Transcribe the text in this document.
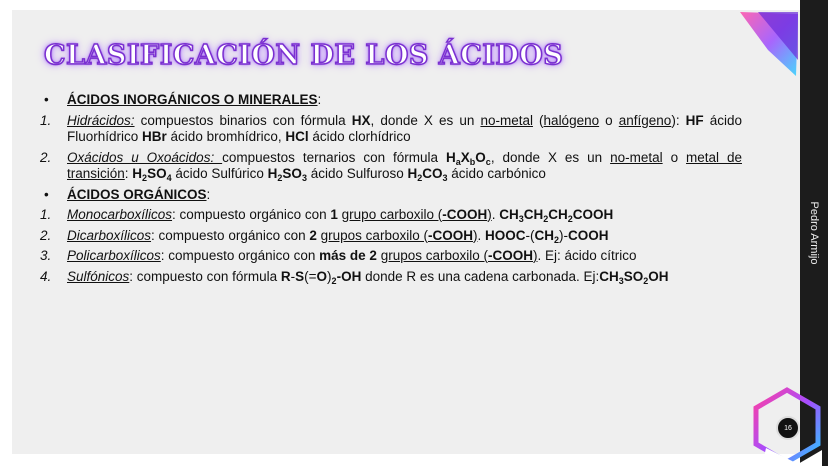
Pedro Armijo
16
CLASIFICACIÓN DE LOS ÁCIDOS
•	ÁCIDOS INORGÁNICOS O MINERALES:
1.	Hidrácidos: compuestos binarios con fórmula HX, donde X es un no-metal (halógeno o anfígeno): HF ácido Fluorhídrico HBr ácido bromhídrico, HCl ácido clorhídrico
2.	Oxácidos u Oxoácidos: compuestos ternarios con fórmula $H_aX_bO_c$, donde X es un no-metal o metal de transición: $H_2SO_4$ ácido Sulfúrico $H_2SO_3$ ácido Sulfuroso $H_2CO_3$ ácido carbónico
•	ÁCIDOS ORGÁNICOS:
1.	Monocarboxílicos: compuesto orgánico con 1 grupo carboxilo (-COOH). $CH_3CH_2CH_2COOH$
2.	Dicarboxílicos: compuesto orgánico con 2 grupos carboxilo (-COOH). HOOC-$(CH_2)$-COOH
3.	Policarboxílicos: compuesto orgánico con más de 2 grupos carboxilo (-COOH). Ej: ácido cítrico
4.	Sulfónicos: compuesto con fórmula $R-S(=O)_2-OH$ donde R es una cadena carbonada. $Ej:CH_3SO_2OH$
